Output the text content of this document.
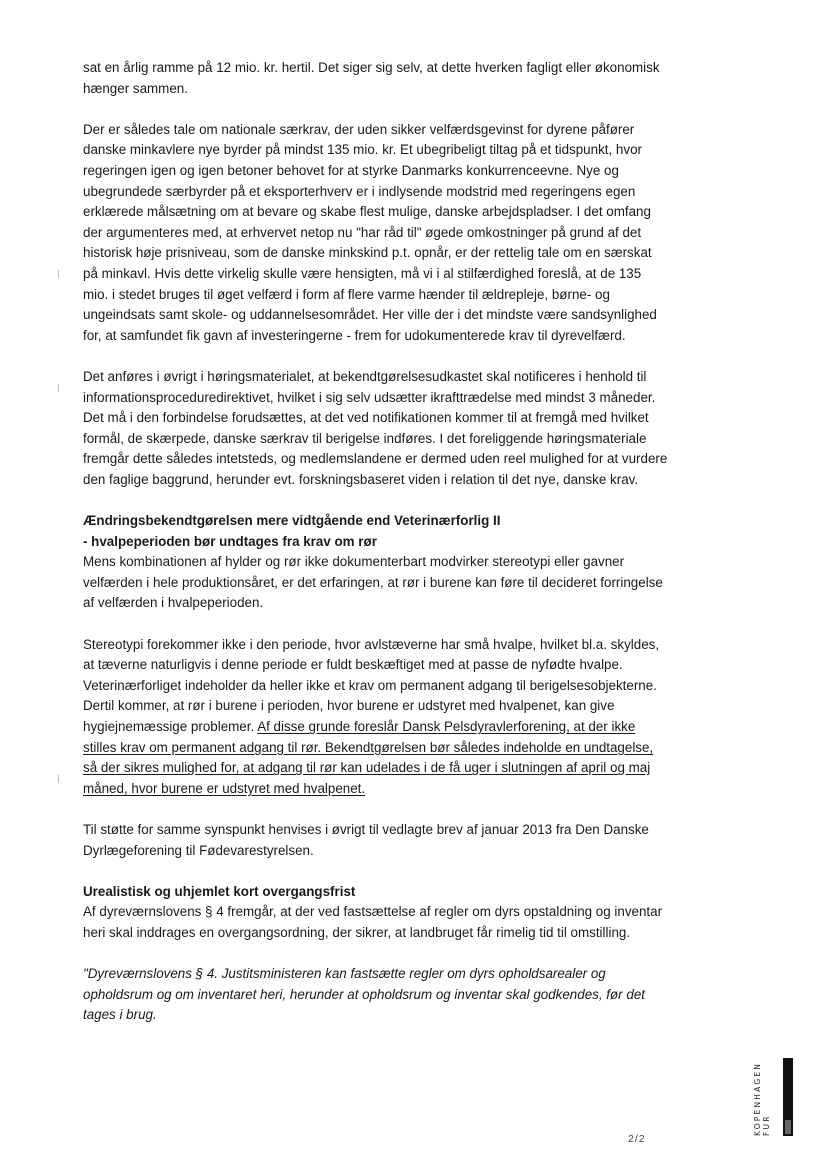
sat en årlig ramme på 12 mio. kr. hertil. Det siger sig selv, at dette hverken fagligt eller økonomisk hænger sammen.

Der er således tale om nationale særkrav, der uden sikker velfærdsgevinst for dyrene påfører danske minkavlere nye byrder på mindst 135 mio. kr. Et ubegribeligt tiltag på et tidspunkt, hvor regeringen igen og igen betoner behovet for at styrke Danmarks konkurrenceevne. Nye og ubegrundede særbyrder på et eksporterhverv er i indlysende modstrid med regeringens egen erklærede målsætning om at bevare og skabe flest mulige, danske arbejdspladser. I det omfang der argumenteres med, at erhvervet netop nu "har råd til" øgede omkostninger på grund af det historisk høje prisniveau, som de danske minkskind p.t. opnår, er der rettelig tale om en særskat på minkavl. Hvis dette virkelig skulle være hensigten, må vi i al stilfærdighed foreslå, at de 135 mio. i stedet bruges til øget velfærd i form af flere varme hænder til ældrepleje, børne- og ungeindsats samt skole- og uddannelsesområdet. Her ville der i det mindste være sandsynlighed for, at samfundet fik gavn af investeringerne - frem for udokumenterede krav til dyrevelfærd.

Det anføres i øvrigt i høringsmaterialet, at bekendtgørelsesudkastet skal notificeres i henhold til informationsproceduredirektivet, hvilket i sig selv udsætter ikrafttrædelse med mindst 3 måneder. Det må i den forbindelse forudsættes, at det ved notifikationen kommer til at fremgå med hvilket formål, de skærpede, danske særkrav til berigelse indføres. I det foreliggende høringsmateriale fremgår dette således intetsteds, og medlemslandene er dermed uden reel mulighed for at vurdere den faglige baggrund, herunder evt. forskningsbaseret viden i relation til det nye, danske krav.

Ændringsbekendtgørelsen mere vidtgående end Veterinærforlig II
- hvalpeperioden bør undtages fra krav om rør

Mens kombinationen af hylder og rør ikke dokumenterbart modvirker stereotypi eller gavner velfærden i hele produktionsåret, er det erfaringen, at rør i burene kan føre til decideret forringelse af velfærden i hvalpeperioden.

Stereotypi forekommer ikke i den periode, hvor avlstæverne har små hvalpe, hvilket bl.a. skyldes, at tæverne naturligvis i denne periode er fuldt beskæftiget med at passe de nyfødte hvalpe. Veterinærforliget indeholder da heller ikke et krav om permanent adgang til berigelsesobjekterne. Dertil kommer, at rør i burene i perioden, hvor burene er udstyret med hvalpenet, kan give hygiejnemæssige problemer. Af disse grunde foreslår Dansk Pelsdyravlerforening, at der ikke stilles krav om permanent adgang til rør. Bekendtgørelsen bør således indeholde en undtagelse, så der sikres mulighed for, at adgang til rør kan udelades i de få uger i slutningen af april og maj måned, hvor burene er udstyret med hvalpenet.

Til støtte for samme synspunkt henvises i øvrigt til vedlagte brev af januar 2013 fra Den Danske Dyrlægeforening til Fødevarestyrelsen.

Urealistisk og uhjemlet kort overgangsfrist

Af dyreværnslovens § 4 fremgår, at der ved fastsættelse af regler om dyrs opstaldning og inventar heri skal inddrages en overgangsordning, der sikrer, at landbruget får rimelig tid til omstilling.

"Dyreværnslovens § 4. Justitsministeren kan fastsætte regler om dyrs opholdsarealer og opholdsrum og om inventaret heri, herunder at opholdsrum og inventar skal godkendes, før det tages i brug.

KOPENHAGEN FUR
2/2
